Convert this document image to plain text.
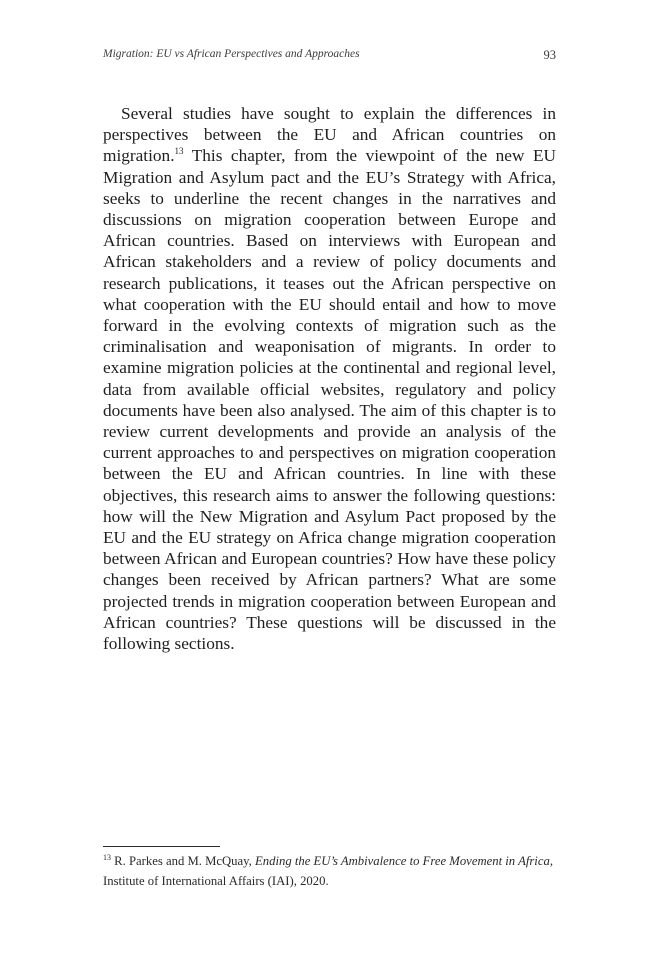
Migration: EU vs African Perspectives and Approaches	93

Several studies have sought to explain the differences in perspectives between the EU and African countries on migration.$^{13}$ This chapter, from the viewpoint of the new EU Migration and Asylum pact and the EU’s Strategy with Africa, seeks to underline the recent changes in the narratives and discussions on migration cooperation between Europe and African countries. Based on interviews with European and African stakeholders and a review of policy documents and research publications, it teases out the African perspective on what cooperation with the EU should entail and how to move forward in the evolving contexts of migration such as the criminalisation and weaponisation of migrants. In order to examine migration policies at the continental and regional level, data from available official websites, regulatory and policy documents have been also analysed. The aim of this chapter is to review current developments and provide an analysis of the current approaches to and perspectives on migration cooperation between the EU and African countries. In line with these objectives, this research aims to answer the following questions: how will the New Migration and Asylum Pact proposed by the EU and the EU strategy on Africa change migration cooperation between African and European countries? How have these policy changes been received by African partners? What are some projected trends in migration cooperation between European and African countries? These questions will be discussed in the following sections.

$^{13}$ R. Parkes and M. McQuay, Ending the EU’s Ambivalence to Free Movement in Africa, Institute of International Affairs (IAI), 2020.
